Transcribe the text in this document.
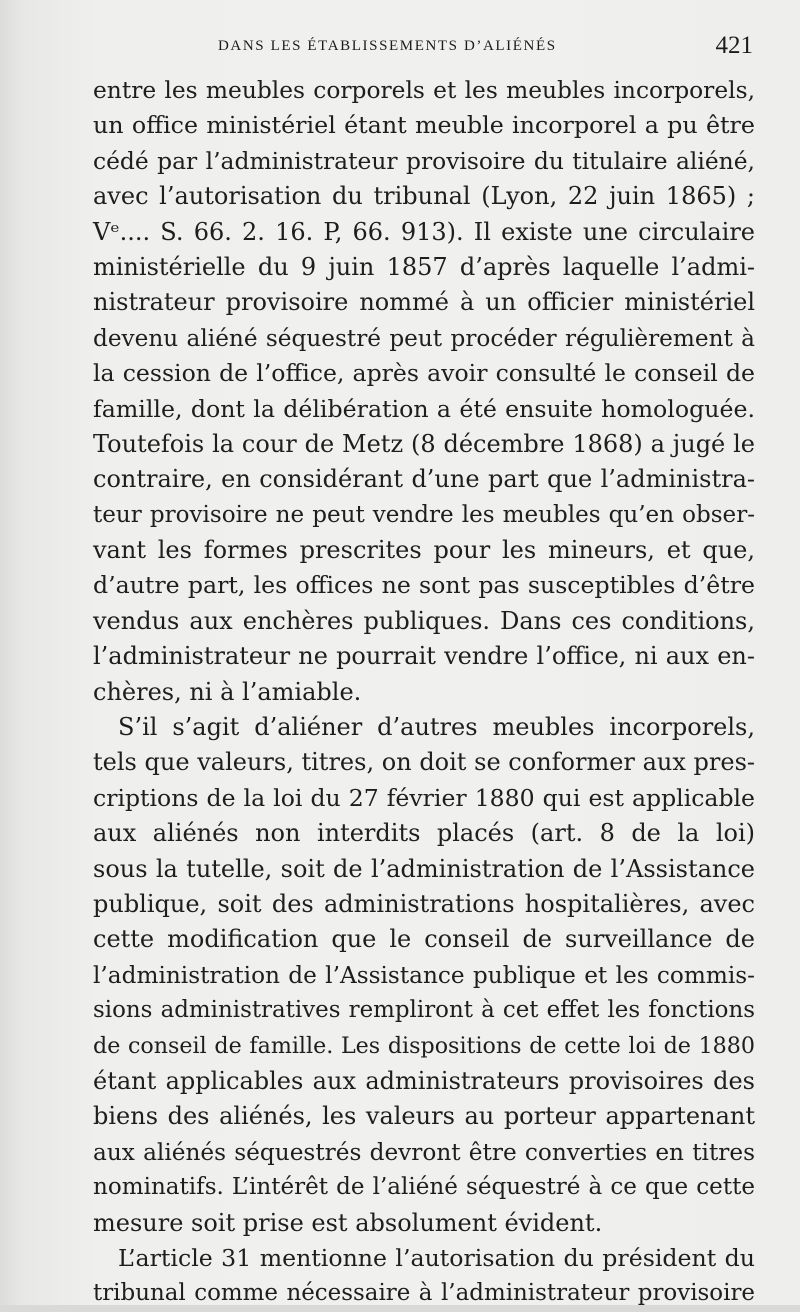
DANS LES ÉTABLISSEMENTS D’ALIÉNÉS	421
entre les meubles corporels et les meubles incorporels,
un office ministériel étant meuble incorporel a pu être
cédé par l’administrateur provisoire du titulaire aliéné,
avec l’autorisation du tribunal (Lyon, 22 juin 1865) ;
Vᵉ.... S. 66. 2. 16. P, 66. 913). Il existe une circulaire
ministérielle du 9 juin 1857 d’après laquelle l’admi-
nistrateur provisoire nommé à un officier ministériel
devenu aliéné séquestré peut procéder régulièrement à
la cession de l’office, après avoir consulté le conseil de
famille, dont la délibération a été ensuite homologuée.
Toutefois la cour de Metz (8 décembre 1868) a jugé le
contraire, en considérant d’une part que l’administra-
teur provisoire ne peut vendre les meubles qu’en obser-
vant les formes prescrites pour les mineurs, et que,
d’autre part, les offices ne sont pas susceptibles d’être
vendus aux enchères publiques. Dans ces conditions,
l’administrateur ne pourrait vendre l’office, ni aux en-
chères, ni à l’amiable.
S’il s’agit d’aliéner d’autres meubles incorporels,
tels que valeurs, titres, on doit se conformer aux pres-
criptions de la loi du 27 février 1880 qui est applicable
aux aliénés non interdits placés (art. 8 de la loi)
sous la tutelle, soit de l’administration de l’Assistance
publique, soit des administrations hospitalières, avec
cette modification que le conseil de surveillance de
l’administration de l’Assistance publique et les commis-
sions administratives rempliront à cet effet les fonctions
de conseil de famille. Les dispositions de cette loi de 1880
étant applicables aux administrateurs provisoires des
biens des aliénés, les valeurs au porteur appartenant
aux aliénés séquestrés devront être converties en titres
nominatifs. L’intérêt de l’aliéné séquestré à ce que cette
mesure soit prise est absolument évident.
L’article 31 mentionne l’autorisation du président du
tribunal comme nécessaire à l’administrateur provisoire
